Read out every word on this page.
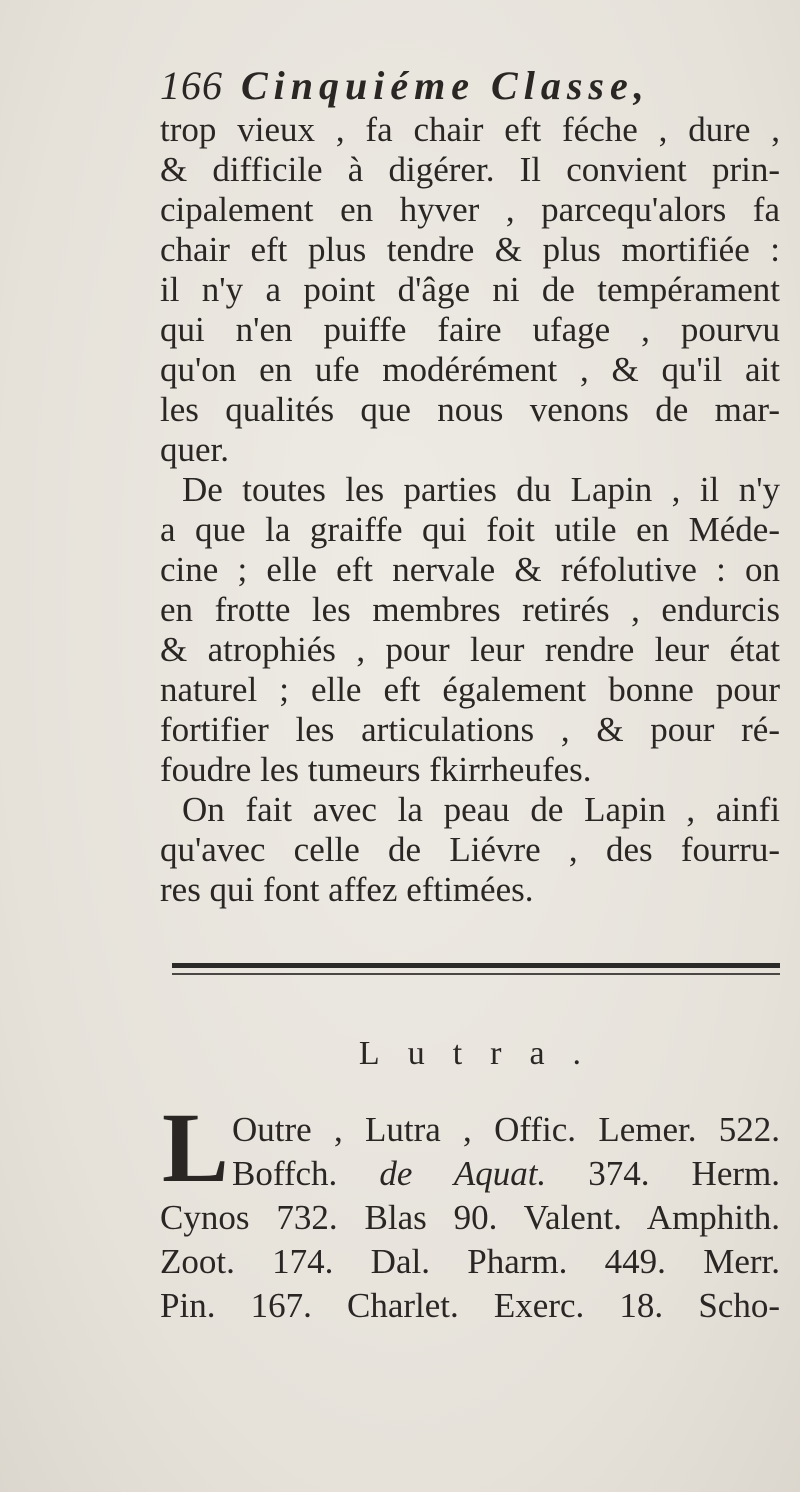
166 Cinquiéme Classe,
trop vieux , fa chair eft féche , dure ,
& difficile à digérer. Il convient prin-
cipalement en hyver , parcequ'alors fa
chair eft plus tendre & plus mortifiée :
il n'y a point d'âge ni de tempérament
qui n'en puiffe faire ufage , pourvu
qu'on en ufe modérément , & qu'il ait
les qualités que nous venons de mar-
quer.
De toutes les parties du Lapin , il n'y
a que la graiffe qui foit utile en Méde-
cine ; elle eft nervale & réfolutive : on
en frotte les membres retirés , endurcis
& atrophiés , pour leur rendre leur état
naturel ; elle eft également bonne pour
fortifier les articulations , & pour ré-
foudre les tumeurs fkirrheufes.
On fait avec la peau de Lapin , ainfi
qu'avec celle de Liévre , des fourru-
res qui font affez eftimées.
Lutra.
L Outre , Lutra , Offic. Lemer. 522.
Boffch. de Aquat. 374. Herm.
Cynos 732. Blas 90. Valent. Amphith.
Zoot. 174. Dal. Pharm. 449. Merr.
Pin. 167. Charlet. Exerc. 18. Scho-
